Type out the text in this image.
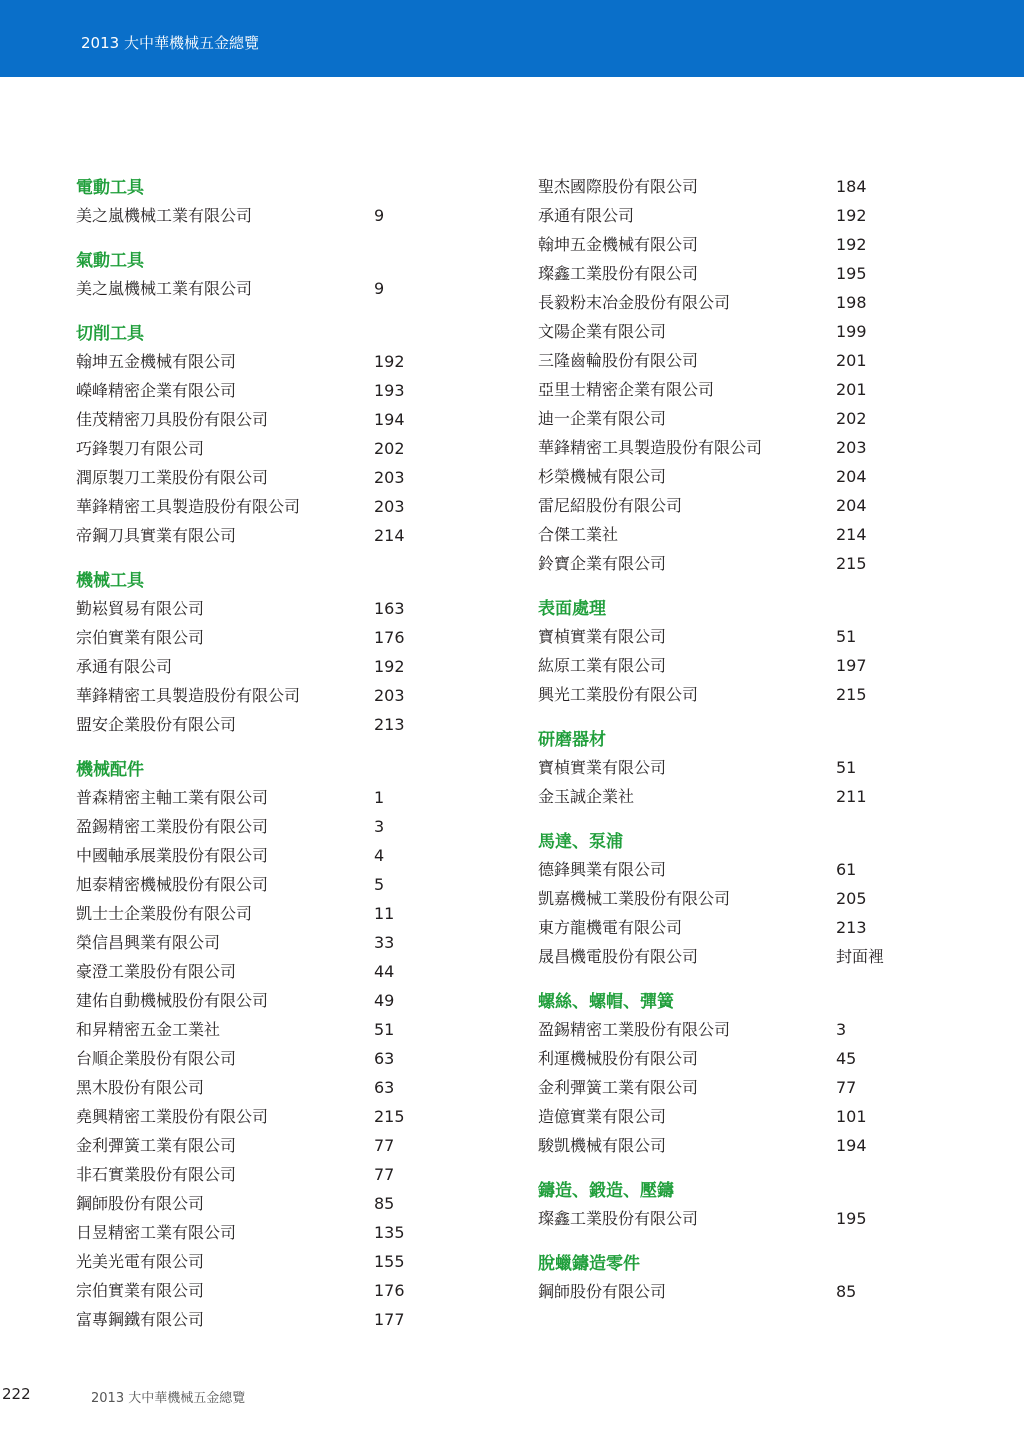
2013 大中華機械五金總覽
電動工具
美之嵐機械工業有限公司	9
氣動工具
美之嵐機械工業有限公司	9
切削工具
翰坤五金機械有限公司	192
嶸峰精密企業有限公司	193
佳茂精密刀具股份有限公司	194
巧鋒製刀有限公司	202
潤原製刀工業股份有限公司	203
華鋒精密工具製造股份有限公司	203
帝鋼刀具實業有限公司	214
機械工具
勤崧貿易有限公司	163
宗伯實業有限公司	176
承通有限公司	192
華鋒精密工具製造股份有限公司	203
盟安企業股份有限公司	213
機械配件
普森精密主軸工業有限公司	1
盈錫精密工業股份有限公司	3
中國軸承展業股份有限公司	4
旭泰精密機械股份有限公司	5
凱士士企業股份有限公司	11
榮信昌興業有限公司	33
豪澄工業股份有限公司	44
建佑自動機械股份有限公司	49
和昇精密五金工業社	51
台順企業股份有限公司	63
黑木股份有限公司	63
堯興精密工業股份有限公司	215
金利彈簧工業有限公司	77
非石實業股份有限公司	77
鋼師股份有限公司	85
日昱精密工業有限公司	135
光美光電有限公司	155
宗伯實業有限公司	176
富專鋼鐵有限公司	177
聖杰國際股份有限公司	184
承通有限公司	192
翰坤五金機械有限公司	192
璨鑫工業股份有限公司	195
長毅粉末冶金股份有限公司	198
文陽企業有限公司	199
三隆齒輪股份有限公司	201
亞里士精密企業有限公司	201
迪一企業有限公司	202
華鋒精密工具製造股份有限公司	203
杉榮機械有限公司	204
雷尼紹股份有限公司	204
合傑工業社	214
鈴寶企業有限公司	215
表面處理
寶楨實業有限公司	51
紘原工業有限公司	197
興光工業股份有限公司	215
研磨器材
寶楨實業有限公司	51
金玉誠企業社	211
馬達、泵浦
德鋒興業有限公司	61
凱嘉機械工業股份有限公司	205
東方龍機電有限公司	213
晟昌機電股份有限公司	封面裡
螺絲、螺帽、彈簧
盈錫精密工業股份有限公司	3
利運機械股份有限公司	45
金利彈簧工業有限公司	77
造億實業有限公司	101
駿凱機械有限公司	194
鑄造、鍛造、壓鑄
璨鑫工業股份有限公司	195
脫蠟鑄造零件
鋼師股份有限公司	85
222	2013 大中華機械五金總覽
